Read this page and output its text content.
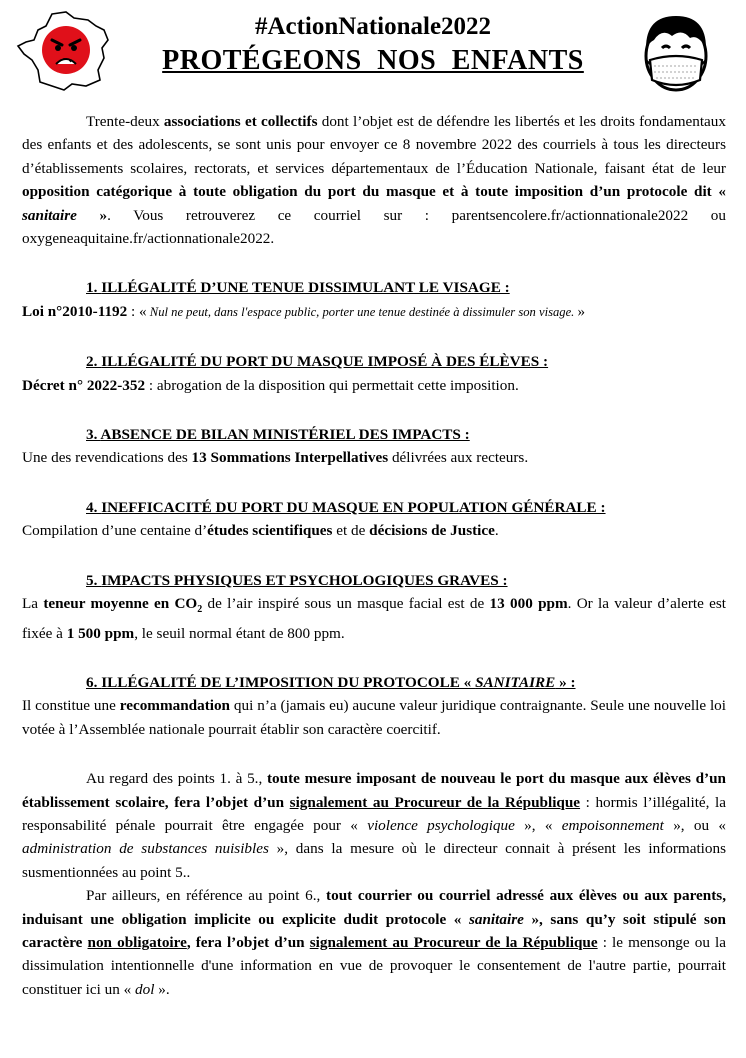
#ActionNationale2022
PROTÉGEONS NOS ENFANTS

Trente-deux associations et collectifs dont l’objet est de défendre les libertés et les droits fondamentaux des enfants et des adolescents, se sont unis pour envoyer ce 8 novembre 2022 des courriels à tous les directeurs d’établissements scolaires, rectorats, et services départementaux de l’Éducation Nationale, faisant état de leur opposition catégorique à toute obligation du port du masque et à toute imposition d’un protocole dit « sanitaire ». Vous retrouverez ce courriel sur : parentsencolere.fr/actionnationale2022 ou oxygeneaquitaine.fr/actionnationale2022.

1. ILLÉGALITÉ D’UNE TENUE DISSIMULANT LE VISAGE :

Loi n°2010-1192 : « Nul ne peut, dans l'espace public, porter une tenue destinée à dissimuler son visage. »

2. ILLÉGALITÉ DU PORT DU MASQUE IMPOSÉ À DES ÉLÈVES :

Décret n° 2022-352 : abrogation de la disposition qui permettait cette imposition.

3. ABSENCE DE BILAN MINISTÉRIEL DES IMPACTS :

Une des revendications des 13 Sommations Interpellatives délivrées aux recteurs.

4. INEFFICACITÉ DU PORT DU MASQUE EN POPULATION GÉNÉRALE :

Compilation d’une centaine d’études scientifiques et de décisions de Justice.

5. IMPACTS PHYSIQUES ET PSYCHOLOGIQUES GRAVES :

La teneur moyenne en $CO_2$ de l’air inspiré sous un masque facial est de 13 000 ppm. Or la valeur d’alerte est fixée à 1 500 ppm, le seuil normal étant de 800 ppm.

6. ILLÉGALITÉ DE L’IMPOSITION DU PROTOCOLE « SANITAIRE » :

Il constitue une recommandation qui n’a (jamais eu) aucune valeur juridique contraignante. Seule une nouvelle loi votée à l’Assemblée nationale pourrait établir son caractère coercitif.

Au regard des points 1. à 5., toute mesure imposant de nouveau le port du masque aux élèves d’un établissement scolaire, fera l’objet d’un signalement au Procureur de la République : hormis l’illégalité, la responsabilité pénale pourrait être engagée pour « violence psychologique », « empoisonnement », ou « administration de substances nuisibles », dans la mesure où le directeur connait à présent les informations susmentionnées au point 5..

Par ailleurs, en référence au point 6., tout courrier ou courriel adressé aux élèves ou aux parents, induisant une obligation implicite ou explicite dudit protocole « sanitaire », sans qu’y soit stipulé son caractère non obligatoire, fera l’objet d’un signalement au Procureur de la République : le mensonge ou la dissimulation intentionnelle d'une information en vue de provoquer le consentement de l'autre partie, pourrait constituer ici un « dol ».
